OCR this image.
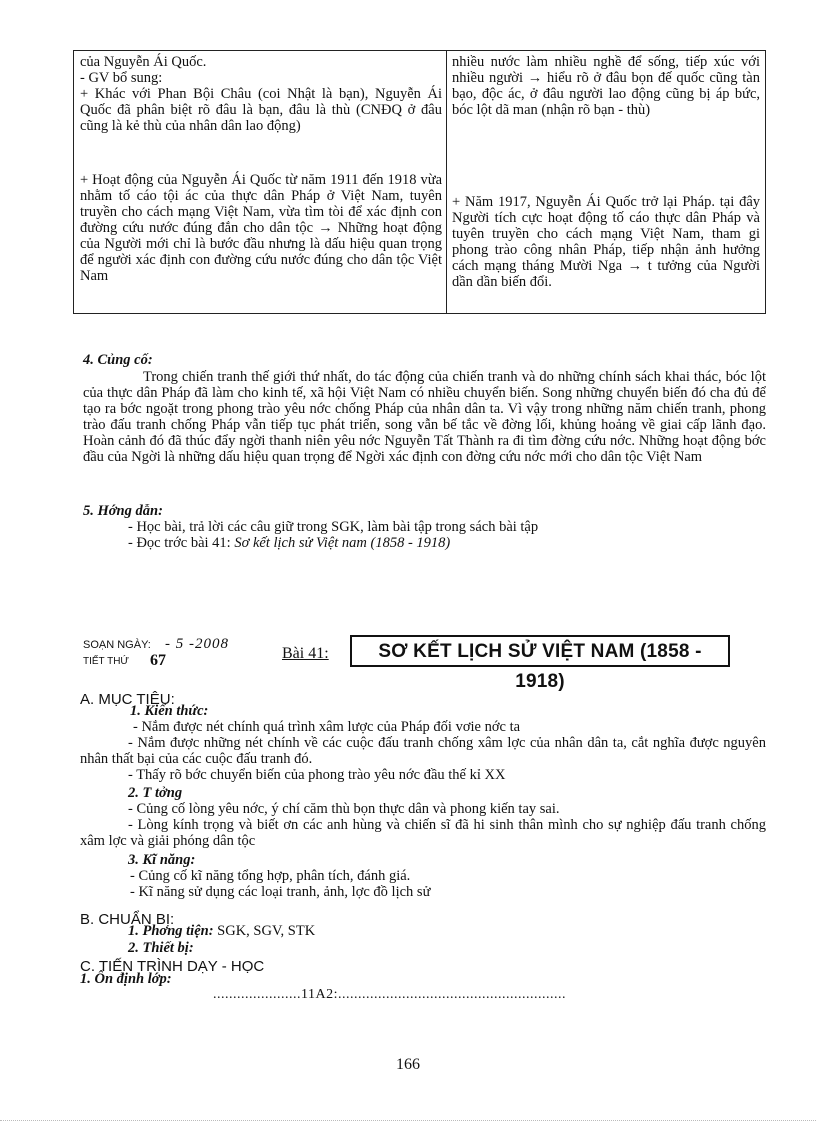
của Nguyễn Ái Quốc.

- GV bổ sung:

+ Khác với Phan Bội Châu (coi Nhật là bạn), Nguyễn Ái Quốc đã phân biệt rõ đâu là bạn, đâu là thù (CNĐQ ở đâu cũng là kẻ thù của nhân dân lao động)

+ Hoạt động của Nguyễn Ái Quốc từ năm 1911 đến 1918 vừa nhằm tố cáo tội ác của thực dân Pháp ở Việt Nam, tuyên truyền cho cách mạng Việt Nam, vừa tìm tòi để xác định con đường cứu nước đúng đắn cho dân tộc → Những hoạt động của Người mới chỉ là bước đầu nhưng là dấu hiệu quan trọng để người xác định con đường cứu nước đúng cho dân tộc Việt Nam

nhiều nước làm nhiều nghề để sống, tiếp xúc với nhiều người → hiểu rõ ở đâu bọn đế quốc cũng tàn bạo, độc ác, ở đâu người lao động cũng bị áp bức, bóc lột dã man (nhận rõ bạn - thù)

+ Năm 1917, Nguyễn Ái Quốc trở lại Pháp. tại đây Người tích cực hoạt động tố cáo thực dân Pháp và tuyên truyền cho cách mạng Việt Nam, tham gi phong trào công nhân Pháp, tiếp nhận ảnh hưởng cách mạng tháng Mười Nga → t tưởng của Người dần dần biến đổi.

4. Củng cố:

Trong chiến tranh thế giới thứ nhất, do tác động của chiến tranh và do những chính sách khai thác, bóc lột của thực dân Pháp đã làm cho kinh tế, xã hội Việt Nam có nhiều chuyển biến. Song những chuyển biến đó cha đủ để tạo ra bớc ngoặt trong phong trào yêu nớc chống Pháp của nhân dân ta. Vì vậy trong những năm chiến tranh, phong trào đấu tranh chống Pháp vẫn tiếp tục phát triển, song vẫn bế tắc về đờng lối, khủng hoảng về giai cấp lãnh đạo. Hoàn cảnh đó đã thúc đẩy ngời thanh niên yêu nớc Nguyễn Tất Thành ra đi tìm đờng cứu nớc. Những hoạt động bớc đầu của Ngời là những dấu hiệu quan trọng để Ngời xác định con đờng cứu nớc mới cho dân tộc Việt Nam

5. Hớng dẫn:

- Học bài, trả lời các câu giữ trong SGK, làm bài tập trong sách bài tập

- Đọc trớc bài 41: Sơ kết lịch sử Việt nam (1858 - 1918)

SOẠN NGÀY: - 5 -2008
TIẾT THỨ 67	Bài 41:	SƠ KẾT LỊCH SỬ VIỆT NAM (1858 - 1918)
A. MỤC TIÊU:
1. Kiến thức:

- Nắm được nét chính quá trình xâm lược của Pháp đối vơie nớc ta

- Nắm được những nét chính về các cuộc đấu tranh chống xâm lợc của nhân dân ta, cắt nghĩa được nguyên nhân thất bại của các cuộc đấu tranh đó.

- Thấy rõ bớc chuyển biến của phong trào yêu nớc đầu thế kỉ XX

2. T tởng

- Củng cố lòng yêu nớc, ý chí căm thù bọn thực dân và phong kiến tay sai.

- Lòng kính trọng và biết ơn các anh hùng và chiến sĩ đã hi sinh thân mình cho sự nghiệp đấu tranh chống xâm lợc và giải phóng dân tộc

3. Kĩ năng:

- Củng cố kĩ năng tổng hợp, phân tích, đánh giá.

- Kĩ năng sử dụng các loại tranh, ảnh, lợc đồ lịch sử

B. CHUẨN BỊ:
1. Phơng tiện: SGK, SGV, STK
2. Thiết bị:
C. TIẾN TRÌNH DẠY - HỌC
1. Ổn định lớp:
......................11A2:.........................................................
166
